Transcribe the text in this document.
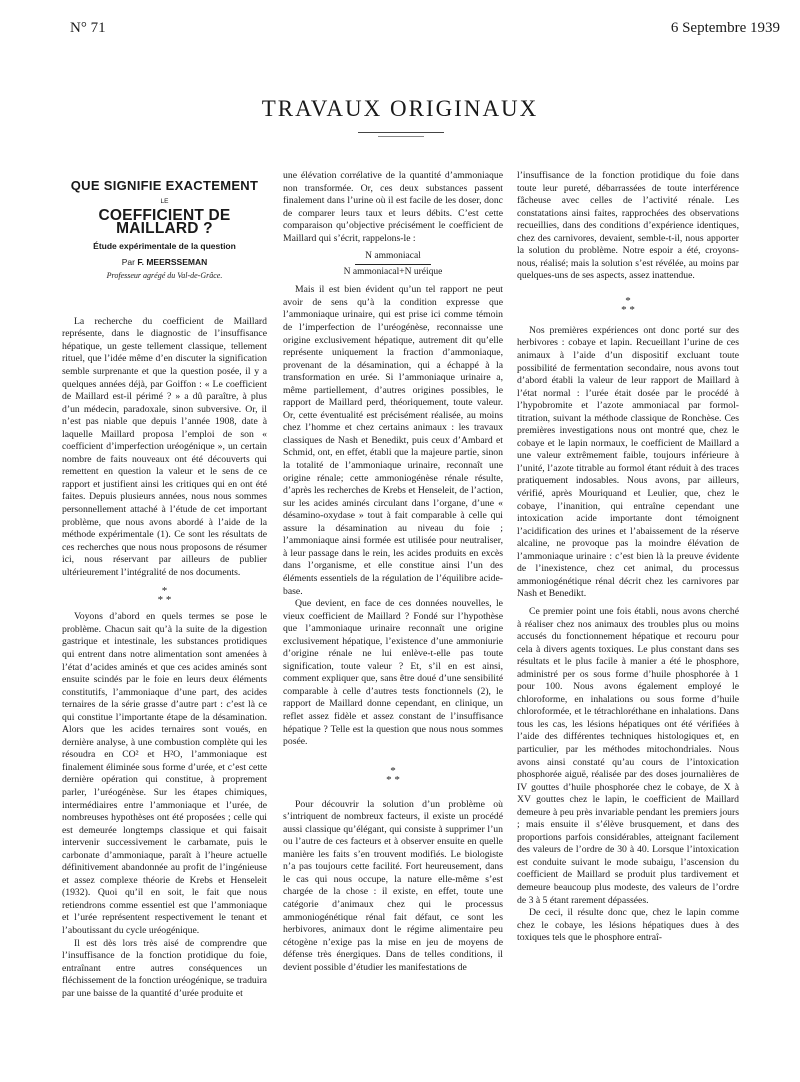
N° 71	6 Septembre 1939
TRAVAUX ORIGINAUX
QUE SIGNIFIE EXACTEMENT
LE
COEFFICIENT DE MAILLARD ?
Étude expérimentale de la question
Par F. MEERSSEMAN
Professeur agrégé du Val-de-Grâce.

La recherche du coefficient de Maillard représente, dans le diagnostic de l’insuffisance hépatique, un geste tellement classique, tellement rituel, que l’idée même d’en discuter la signification semble surprenante et que la question posée, il y a quelques années déjà, par Goiffon : « Le coefficient de Maillard est-il périmé ? » a dû paraître, à plus d’un médecin, paradoxale, sinon subversive. Or, il n’est pas niable que depuis l’année 1908, date à laquelle Maillard proposa l’emploi de son « coefficient d’imperfection uréogénique », un certain nombre de faits nouveaux ont été découverts qui remettent en question la valeur et le sens de ce rapport et justifient ainsi les critiques qui en ont été faites. Depuis plusieurs années, nous nous sommes personnellement attaché à l’étude de cet important problème, que nous avons abordé à l’aide de la méthode expérimentale (1). Ce sont les résultats de ces recherches que nous nous proposons de résumer ici, nous réservant par ailleurs de publier ultérieurement l’intégralité de nos documents.

*
* *

Voyons d’abord en quels termes se pose le problème. Chacun sait qu’à la suite de la digestion gastrique et intestinale, les substances protidiques qui entrent dans notre alimentation sont amenées à l’état d’acides aminés et que ces acides aminés sont ensuite scindés par le foie en leurs deux éléments constitutifs, l’ammoniaque d’une part, des acides ternaires de la série grasse d’autre part : c’est là ce qui constitue l’importante étape de la désamination. Alors que les acides ternaires sont voués, en dernière analyse, à une combustion complète qui les résoudra en CO² et H²O, l’ammoniaque est finalement éliminée sous forme d’urée, et c’est cette dernière opération qui constitue, à proprement parler, l’uréogénèse. Sur les étapes chimiques, intermédiaires entre l’ammoniaque et l’urée, de nombreuses hypothèses ont été proposées ; celle qui est demeurée longtemps classique et qui faisait intervenir successivement le carbamate, puis le carbonate d’ammoniaque, paraît à l’heure actuelle définitivement abandonnée au profit de l’ingénieuse et assez complexe théorie de Krebs et Henseleit (1932). Quoi qu’il en soit, le fait que nous retiendrons comme essentiel est que l’ammoniaque et l’urée représentent respectivement le tenant et l’aboutissant du cycle uréogénique.

Il est dès lors très aisé de comprendre que l’insuffisance de la fonction protidique du foie, entraînant entre autres conséquences un fléchissement de la fonction uréogénique, se traduira par une baisse de la quantité d’urée produite et

une élévation corrélative de la quantité d’ammoniaque non transformée. Or, ces deux substances passent finalement dans l’urine où il est facile de les doser, donc de comparer leurs taux et leurs débits. C’est cette comparaison qu’objective précisément le coefficient de Maillard qui s’écrit, rappelons-le :

N ammoniacal
N ammoniacal+N uréique

Mais il est bien évident qu’un tel rapport ne peut avoir de sens qu’à la condition expresse que l’ammoniaque urinaire, qui est prise ici comme témoin de l’imperfection de l’uréogénèse, reconnaisse une origine exclusivement hépatique, autrement dit qu’elle représente uniquement la fraction d’ammoniaque, provenant de la désamination, qui a échappé à la transformation en urée. Si l’ammoniaque urinaire a, même partiellement, d’autres origines possibles, le rapport de Maillard perd, théoriquement, toute valeur. Or, cette éventualité est précisément réalisée, au moins chez l’homme et chez certains animaux : les travaux classiques de Nash et Benedikt, puis ceux d’Ambard et Schmid, ont, en effet, établi que la majeure partie, sinon la totalité de l’ammoniaque urinaire, reconnaît une origine rénale; cette ammoniogénèse rénale résulte, d’après les recherches de Krebs et Henseleit, de l’action, sur les acides aminés circulant dans l’organe, d’une « désamino-oxydase » tout à fait comparable à celle qui assure la désamination au niveau du foie ; l’ammoniaque ainsi formée est utilisée pour neutraliser, à leur passage dans le rein, les acides produits en excès dans l’organisme, et elle constitue ainsi l’un des éléments essentiels de la régulation de l’équilibre acide-base.

Que devient, en face de ces données nouvelles, le vieux coefficient de Maillard ? Fondé sur l’hypothèse que l’ammoniaque urinaire reconnaît une origine exclusivement hépatique, l’existence d’une ammoniurie d’origine rénale ne lui enlève-t-elle pas toute signification, toute valeur ? Et, s’il en est ainsi, comment expliquer que, sans être doué d’une sensibilité comparable à celle d’autres tests fonctionnels (2), le rapport de Maillard donne cependant, en clinique, un reflet assez fidèle et assez constant de l’insuffisance hépatique ? Telle est la question que nous nous sommes posée.

*
* *

Pour découvrir la solution d’un problème où s’intriquent de nombreux facteurs, il existe un procédé aussi classique qu’élégant, qui consiste à supprimer l’un ou l’autre de ces facteurs et à observer ensuite en quelle manière les faits s’en trouvent modifiés. Le biologiste n’a pas toujours cette facilité. Fort heureusement, dans le cas qui nous occupe, la nature elle-même s’est chargée de la chose : il existe, en effet, toute une catégorie d’animaux chez qui le processus ammoniogénétique rénal fait défaut, ce sont les herbivores, animaux dont le régime alimentaire peu cétogène n’exige pas la mise en jeu de moyens de défense très énergiques. Dans de telles conditions, il devient possible d’étudier les manifestations de

l’insuffisance de la fonction protidique du foie dans toute leur pureté, débarrassées de toute interférence fâcheuse avec celles de l’activité rénale. Les constatations ainsi faites, rapprochées des observations recueillies, dans des conditions d’expérience identiques, chez des carnivores, devaient, semble-t-il, nous apporter la solution du problème. Notre espoir a été, croyons-nous, réalisé; mais la solution s’est révélée, au moins par quelques-uns de ses aspects, assez inattendue.

*
* *

Nos premières expériences ont donc porté sur des herbivores : cobaye et lapin. Recueillant l’urine de ces animaux à l’aide d’un dispositif excluant toute possibilité de fermentation secondaire, nous avons tout d’abord établi la valeur de leur rapport de Maillard à l’état normal : l’urée était dosée par le procédé à l’hypobromite et l’azote ammoniacal par formol-titration, suivant la méthode classique de Ronchèse. Ces premières investigations nous ont montré que, chez le cobaye et le lapin normaux, le coefficient de Maillard a une valeur extrêmement faible, toujours inférieure à l’unité, l’azote titrable au formol étant réduit à des traces pratiquement indosables. Nous avons, par ailleurs, vérifié, après Mouriquand et Leulier, que, chez le cobaye, l’inanition, qui entraîne cependant une intoxication acide importante dont témoignent l’acidification des urines et l’abaissement de la réserve alcaline, ne provoque pas la moindre élévation de l’ammoniaque urinaire : c’est bien là la preuve évidente de l’inexistence, chez cet animal, du processus ammoniogénétique rénal décrit chez les carnivores par Nash et Benedikt.

Ce premier point une fois établi, nous avons cherché à réaliser chez nos animaux des troubles plus ou moins accusés du fonctionnement hépatique et recouru pour cela à divers agents toxiques. Le plus constant dans ses résultats et le plus facile à manier a été le phosphore, administré per os sous forme d’huile phosphorée à 1 pour 100. Nous avons également employé le chloroforme, en inhalations ou sous forme d’huile chloroformée, et le tétrachloréthane en inhalations. Dans tous les cas, les lésions hépatiques ont été vérifiées à l’aide des différentes techniques histologiques et, en particulier, par les méthodes mitochondriales. Nous avons ainsi constaté qu’au cours de l’intoxication phosphorée aiguë, réalisée par des doses journalières de IV gouttes d’huile phosphorée chez le cobaye, de X à XV gouttes chez le lapin, le coefficient de Maillard demeure à peu près invariable pendant les premiers jours ; mais ensuite il s’élève brusquement, et dans des proportions parfois considérables, atteignant facilement des valeurs de l’ordre de 30 à 40. Lorsque l’intoxication est conduite suivant le mode subaigu, l’ascension du coefficient de Maillard se produit plus tardivement et demeure beaucoup plus modeste, des valeurs de l’ordre de 3 à 5 étant rarement dépassées.

De ceci, il résulte donc que, chez le lapin comme chez le cobaye, les lésions hépatiques dues à des toxiques tels que le phosphore entraî-
